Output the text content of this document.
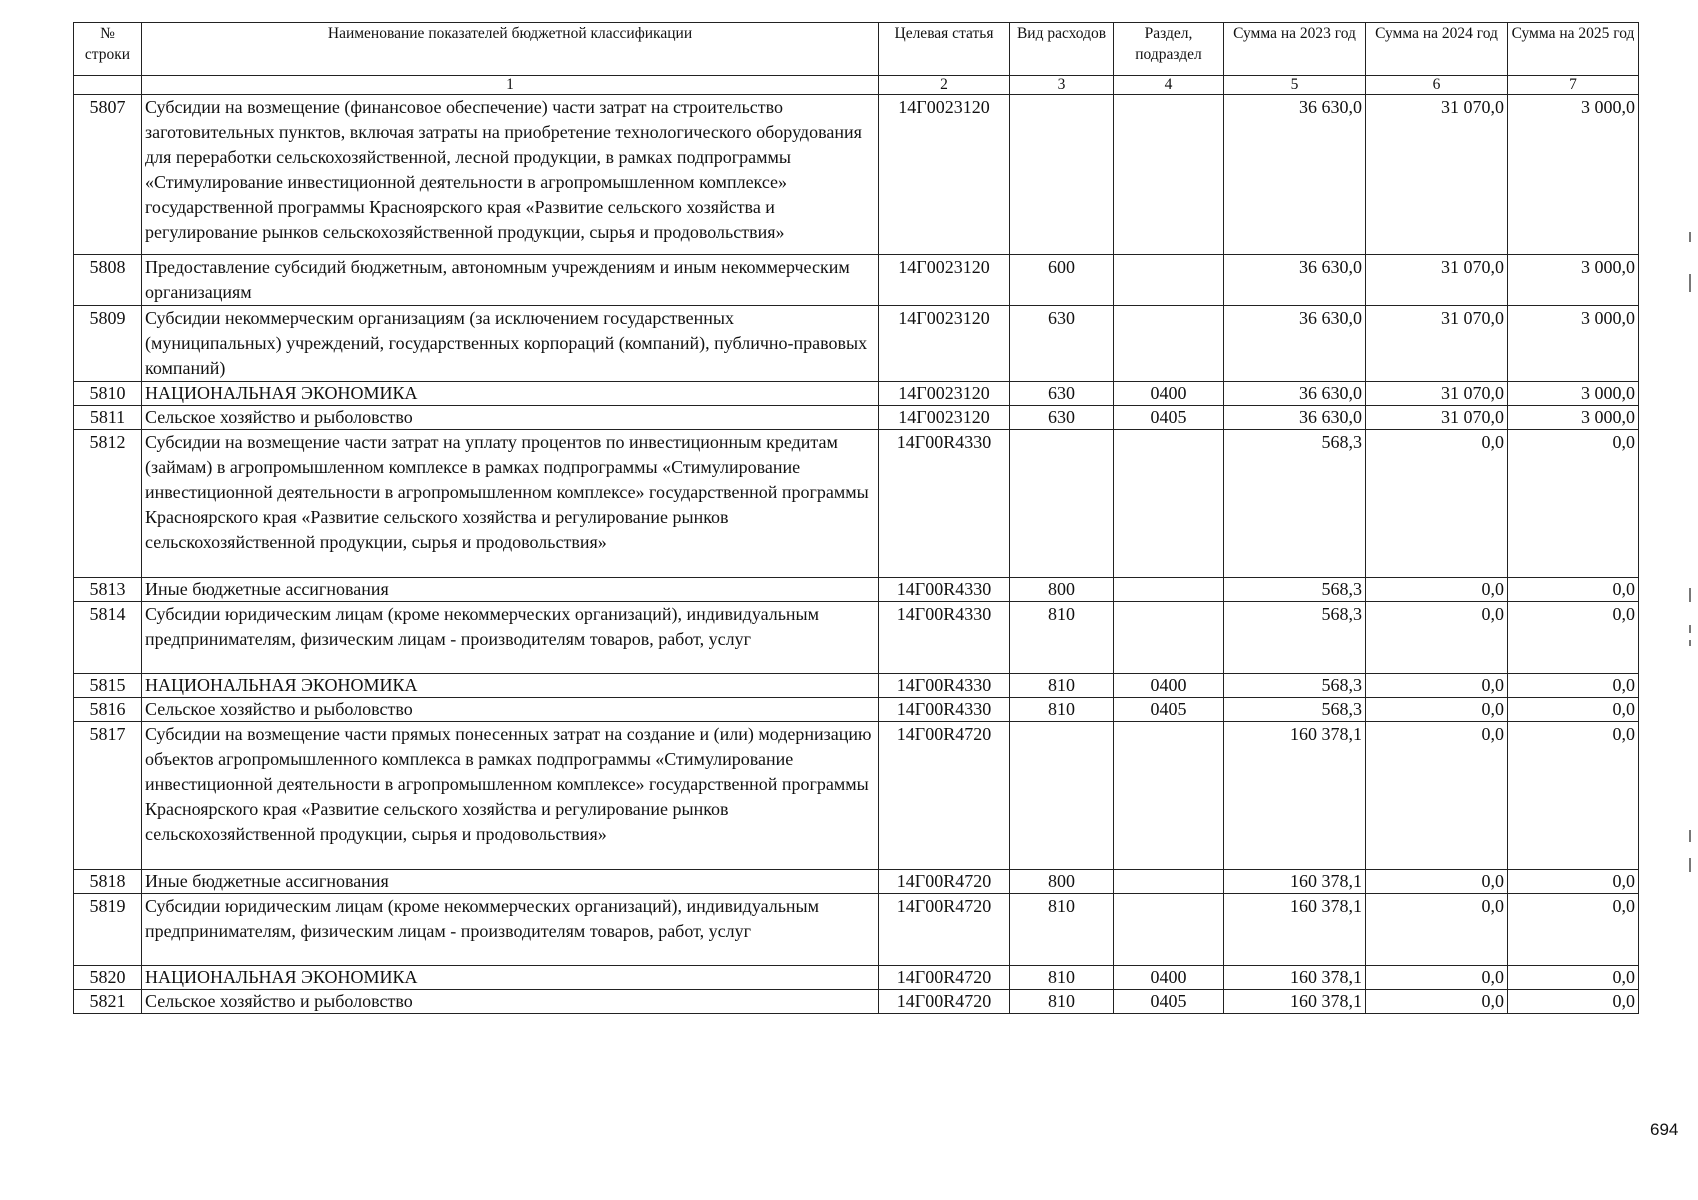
№ строки	Наименование показателей бюджетной классификации	Целевая статья	Вид расходов	Раздел, подраздел	Сумма на 2023 год	Сумма на 2024 год	Сумма на 2025 год
	1	2	3	4	5	6	7
5807	Субсидии на возмещение (финансовое обеспечение) части затрат на строительство заготовительных пунктов, включая затраты на приобретение технологического оборудования для переработки сельскохозяйственной, лесной продукции, в рамках подпрограммы «Стимулирование инвестиционной деятельности в агропромышленном комплексе» государственной программы Красноярского края «Развитие сельского хозяйства и регулирование рынков сельскохозяйственной продукции, сырья и продовольствия»	14Г0023120			36 630,0	31 070,0	3 000,0
5808	Предоставление субсидий бюджетным, автономным учреждениям и иным некоммерческим организациям	14Г0023120	600		36 630,0	31 070,0	3 000,0
5809	Субсидии некоммерческим организациям (за исключением государственных (муниципальных) учреждений, государственных корпораций (компаний), публично-правовых компаний)	14Г0023120	630		36 630,0	31 070,0	3 000,0
5810	НАЦИОНАЛЬНАЯ ЭКОНОМИКА	14Г0023120	630	0400	36 630,0	31 070,0	3 000,0
5811	Сельское хозяйство и рыболовство	14Г0023120	630	0405	36 630,0	31 070,0	3 000,0
5812	Субсидии на возмещение части затрат на уплату процентов по инвестиционным кредитам (займам) в агропромышленном комплексе в рамках подпрограммы «Стимулирование инвестиционной деятельности в агропромышленном комплексе» государственной программы Красноярского края «Развитие сельского хозяйства и регулирование рынков сельскохозяйственной продукции, сырья и продовольствия»	14Г00R4330			568,3	0,0	0,0
5813	Иные бюджетные ассигнования	14Г00R4330	800		568,3	0,0	0,0
5814	Субсидии юридическим лицам (кроме некоммерческих организаций), индивидуальным предпринимателям, физическим лицам - производителям товаров, работ, услуг	14Г00R4330	810		568,3	0,0	0,0
5815	НАЦИОНАЛЬНАЯ ЭКОНОМИКА	14Г00R4330	810	0400	568,3	0,0	0,0
5816	Сельское хозяйство и рыболовство	14Г00R4330	810	0405	568,3	0,0	0,0
5817	Субсидии на возмещение части прямых понесенных затрат на создание и (или) модернизацию объектов агропромышленного комплекса в рамках подпрограммы «Стимулирование инвестиционной деятельности в агропромышленном комплексе» государственной программы Красноярского края «Развитие сельского хозяйства и регулирование рынков сельскохозяйственной продукции, сырья и продовольствия»	14Г00R4720			160 378,1	0,0	0,0
5818	Иные бюджетные ассигнования	14Г00R4720	800		160 378,1	0,0	0,0
5819	Субсидии юридическим лицам (кроме некоммерческих организаций), индивидуальным предпринимателям, физическим лицам - производителям товаров, работ, услуг	14Г00R4720	810		160 378,1	0,0	0,0
5820	НАЦИОНАЛЬНАЯ ЭКОНОМИКА	14Г00R4720	810	0400	160 378,1	0,0	0,0
5821	Сельское хозяйство и рыболовство	14Г00R4720	810	0405	160 378,1	0,0	0,0
694
